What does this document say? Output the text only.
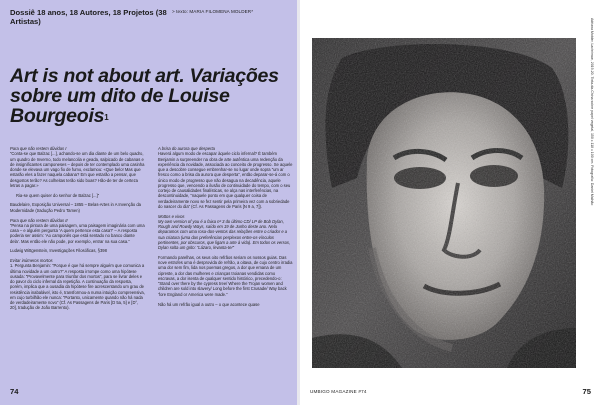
Dossiê 18 anos, 18 Autores, 18 Projetos (38 Artistas)
> texto: MARIA FILOMENA MOLDER*
Art is not about art. Variações sobre um dito de Louise Bourgeois$^1$

Para que não restem dúvidas I

“Conta-se que Balzac [...], achando-se um dia diante de um belo quadro, um quadro de Inverno, todo melancolia e geada, salpicado de cabanas e de insignificantes camponeses – depois de ter contemplado uma casinha donde se elevava um vago fio de fumo, exclamou: «Que belo! Mas que estarão eles a fazer naquela cabana? Em que estarão a pensar, que desgostos terão? As colheitas terão sido boas? Hão-de ter de certeza letras a pagar.»

Ria-se quem quiser do senhor de Balzac [...]”

Baudelaire, Exposição Universal – 1855 – Belas-Artes in A Invenção da Modernidade (tradução Pedro Tamen)

Para que não restem dúvidas II

“Pensa na pintura de uma paisagem, uma paisagem imaginária com uma casa – e alguém pergunta ‘A quem pertence esta casa?’ – A resposta poderia ser assim: ‘Ao camponês que está sentado no banco diante dela’. Mas então ele não pode, por exemplo, entrar na sua casa.”

Ludwig Wittgenstein, Investigações Filosóficas, §398

Evitar inúmeros mortos

1. Pergunta Benjamin: “Porque é que há sempre alguém que comunica a última novidade a um outro?” A resposta irrompe como uma hipótese ousada: “Provavelmente para triunfar dos mortos”, para se livrar deles e do pavor do ciclo infernal da repetição. A continuação da resposta, porém, implica que a ousadia da hipótese fire acrescentando um grau de resistência inabalável, isto é, transformou-a numa intuição compreensiva, em cujo turbilhão ele nunca: “Portanto, unicamente quando não há nada de verdadeiramente novo” (Cf. As Passagens de Paris [D 5a, 5] e [D°, 20], tradução de João Barrento).

A brisa do aurora que desperta

Haverá algum modo de escapar àquele ciclo infernal? É também Benjamin a surpreender na obra de arte autêntica uma redenção da experiência da novidade, associada ao conceito de progresso. Se aquele que a descobre consegue embrenhar-se no lugar onde sopra “um ar fresco como a brisa da aurora que desperta”, então deparar-se-á com o único modo de progresso que não desagua na decadência, aquele progresso que, vencendo a ilusão de continuidade do tempo, com o seu cortejo de causalidades finalísticas, se alça nas interferências, na descontinuidade, “naquele ponto em que qualquer coisa de verdadeiramente novo se fez sentir pela primeira vez com a sobriedade do nascer do dia” (Cf. As Passagens de Paris [N 9 a, 7]).

Mottos e vivos

My own version of you é a faixa nº 3 do último CD/ LP de Bob Dylan, Rough and Rowdy Ways, saído em 19 de Junho deste ano. Nela deparamos com uma rosa-dos-ventos das relações entre o criador e a sua criatura (uma das preferências perplexos entre-os-vínculos pertinentes, por obscuros, que ligam a arte à vida). Em todos os versos, Dylan solta um grito: “Lázaro, levanta-te!”

Formando parelhas, os seus oito refrãos seriam os nossos guias. Das nove estrofes uma é desprovida de refrão, a oitava, de cujo centro irradia uma dor sem fim, lida nos poemas gregos, a dor que emana de um cipreste, a dor das mulheres e crianças troianas vendidas como escravas, a dor isenta de qualquer sentido histórico, precedendo-o: “Stand over there by the cypress tree/ Where the Trojan women and children are sold into slavery/ Long before the first Crusade/ Way back ‘fore England or America were made.”

Não há um refrão igual a outro – o que acontece quase

74
Adriana Molder, Lachrimae, 2019-20. Tinta-da-China sobre papel vegetal, 150 x 118 x 100 cm. Fotografia: Daniel Malhão
UMBIGO MAGAZINE #74	75
